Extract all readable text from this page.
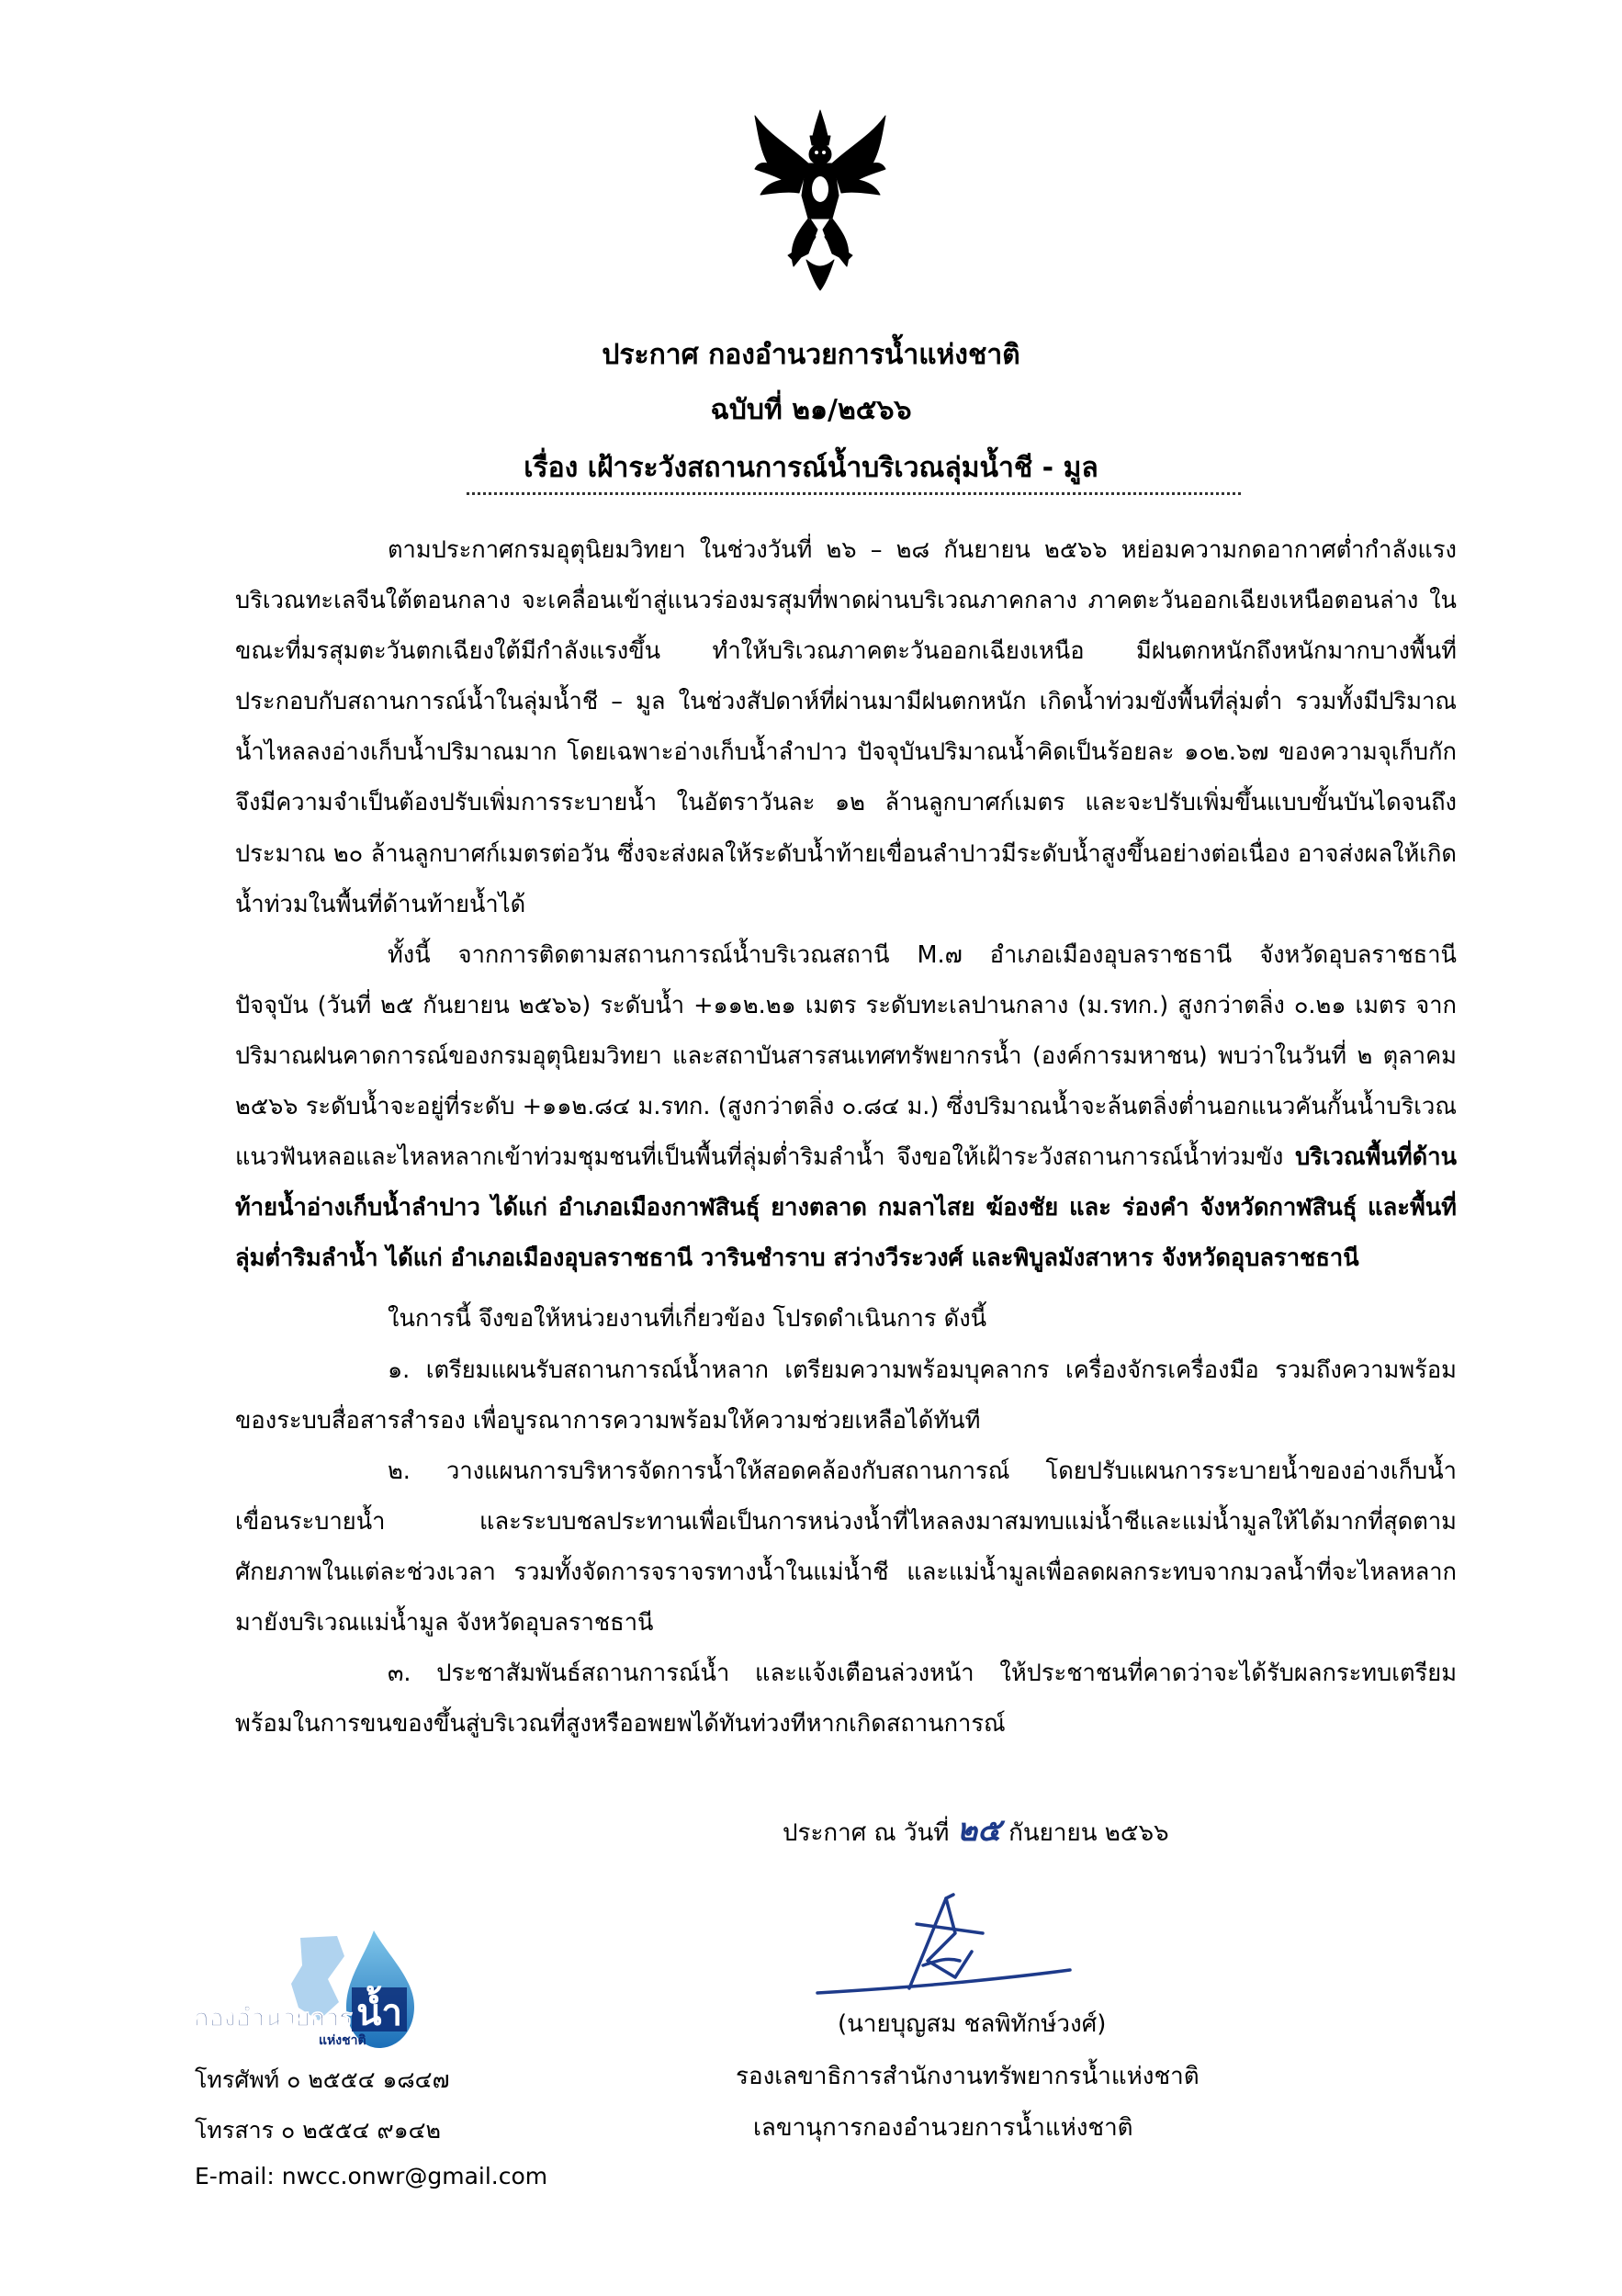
ประกาศ กองอำนวยการน้ำแห่งชาติ
ฉบับที่ ๒๑/๒๕๖๖
เรื่อง เฝ้าระวังสถานการณ์น้ำบริเวณลุ่มน้ำชี - มูล

ตามประกาศกรมอุตุนิยมวิทยา ในช่วงวันที่ ๒๖ – ๒๘ กันยายน ๒๕๖๖ หย่อมความกดอากาศต่ำกำลังแรงบริเวณทะเลจีนใต้ตอนกลาง จะเคลื่อนเข้าสู่แนวร่องมรสุมที่พาดผ่านบริเวณภาคกลาง ภาคตะวันออกเฉียงเหนือตอนล่าง ในขณะที่มรสุมตะวันตกเฉียงใต้มีกำลังแรงขึ้น ทำให้บริเวณภาคตะวันออกเฉียงเหนือ มีฝนตกหนักถึงหนักมากบางพื้นที่ ประกอบกับสถานการณ์น้ำในลุ่มน้ำชี – มูล ในช่วงสัปดาห์ที่ผ่านมามีฝนตกหนัก เกิดน้ำท่วมขังพื้นที่ลุ่มต่ำ รวมทั้งมีปริมาณน้ำไหลลงอ่างเก็บน้ำปริมาณมาก โดยเฉพาะอ่างเก็บน้ำลำปาว ปัจจุบันปริมาณน้ำคิดเป็นร้อยละ ๑๐๒.๖๗ ของความจุเก็บกัก จึงมีความจำเป็นต้องปรับเพิ่มการระบายน้ำ ในอัตราวันละ ๑๒ ล้านลูกบาศก์เมตร และจะปรับเพิ่มขึ้นแบบขั้นบันไดจนถึงประมาณ ๒๐ ล้านลูกบาศก์เมตรต่อวัน ซึ่งจะส่งผลให้ระดับน้ำท้ายเขื่อนลำปาวมีระดับน้ำสูงขึ้นอย่างต่อเนื่อง อาจส่งผลให้เกิดน้ำท่วมในพื้นที่ด้านท้ายน้ำได้

ทั้งนี้ จากการติดตามสถานการณ์น้ำบริเวณสถานี M.๗ อำเภอเมืองอุบลราชธานี จังหวัดอุบลราชธานี ปัจจุบัน (วันที่ ๒๕ กันยายน ๒๕๖๖) ระดับน้ำ +๑๑๒.๒๑ เมตร ระดับทะเลปานกลาง (ม.รทก.) สูงกว่าตลิ่ง ๐.๒๑ เมตร จากปริมาณฝนคาดการณ์ของกรมอุตุนิยมวิทยา และสถาบันสารสนเทศทรัพยากรน้ำ (องค์การมหาชน) พบว่าในวันที่ ๒ ตุลาคม ๒๕๖๖ ระดับน้ำจะอยู่ที่ระดับ +๑๑๒.๘๔ ม.รทก. (สูงกว่าตลิ่ง ๐.๘๔ ม.) ซึ่งปริมาณน้ำจะล้นตลิ่งต่ำนอกแนวคันกั้นน้ำบริเวณแนวฟันหลอและไหลหลากเข้าท่วมชุมชนที่เป็นพื้นที่ลุ่มต่ำริมลำน้ำ จึงขอให้เฝ้าระวังสถานการณ์น้ำท่วมขัง บริเวณพื้นที่ด้านท้ายน้ำอ่างเก็บน้ำลำปาว ได้แก่ อำเภอเมืองกาฬสินธุ์ ยางตลาด กมลาไสย ฆ้องชัย และ ร่องคำ จังหวัดกาฬสินธุ์ และพื้นที่ลุ่มต่ำริมลำน้ำ ได้แก่ อำเภอเมืองอุบลราชธานี วารินชำราบ สว่างวีระวงศ์ และพิบูลมังสาหาร จังหวัดอุบลราชธานี

ในการนี้ จึงขอให้หน่วยงานที่เกี่ยวข้อง โปรดดำเนินการ ดังนี้

๑. เตรียมแผนรับสถานการณ์น้ำหลาก เตรียมความพร้อมบุคลากร เครื่องจักรเครื่องมือ รวมถึงความพร้อมของระบบสื่อสารสำรอง เพื่อบูรณาการความพร้อมให้ความช่วยเหลือได้ทันที

๒. วางแผนการบริหารจัดการน้ำให้สอดคล้องกับสถานการณ์ โดยปรับแผนการระบายน้ำของอ่างเก็บน้ำ เขื่อนระบายน้ำ และระบบชลประทานเพื่อเป็นการหน่วงน้ำที่ไหลลงมาสมทบแม่น้ำชีและแม่น้ำมูลให้ได้มากที่สุดตามศักยภาพในแต่ละช่วงเวลา รวมทั้งจัดการจราจรทางน้ำในแม่น้ำชี และแม่น้ำมูลเพื่อลดผลกระทบจากมวลน้ำที่จะไหลหลากมายังบริเวณแม่น้ำมูล จังหวัดอุบลราชธานี

๓. ประชาสัมพันธ์สถานการณ์น้ำ และแจ้งเตือนล่วงหน้า ให้ประชาชนที่คาดว่าจะได้รับผลกระทบเตรียมพร้อมในการขนของขึ้นสู่บริเวณที่สูงหรืออพยพได้ทันท่วงทีหากเกิดสถานการณ์

ประกาศ ณ วันที่ ๒๕ กันยายน ๒๕๖๖
(นายบุญสม ชลพิทักษ์วงศ์)
รองเลขาธิการสำนักงานทรัพยากรน้ำแห่งชาติ
เลขานุการกองอำนวยการน้ำแห่งชาติ
น้ำ
กองอำนวยการ
แห่งชาติ
โทรศัพท์ ๐ ๒๕๕๔ ๑๘๔๗
โทรสาร ๐ ๒๕๕๔ ๙๑๔๒
E-mail: nwcc.onwr@gmail.com
